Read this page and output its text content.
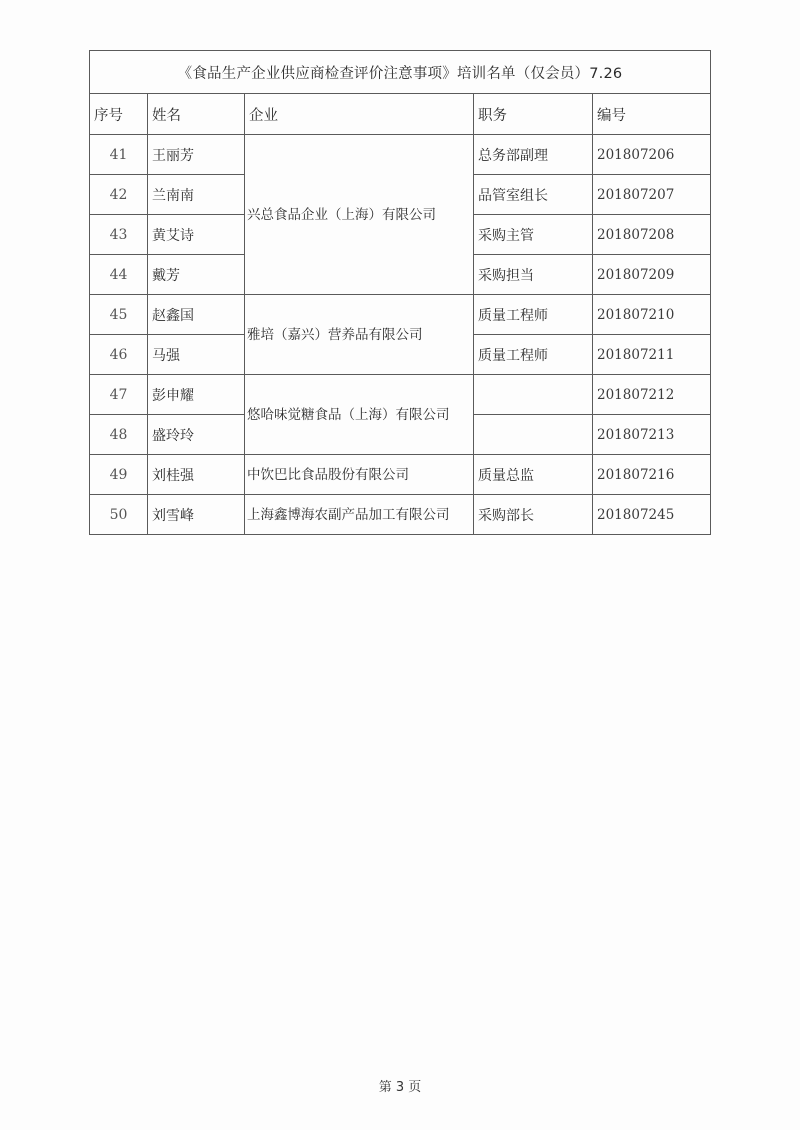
《食品生产企业供应商检查评价注意事项》培训名单（仅会员）7.26				
序号	姓名	企业	职务	编号
41	王丽芳	兴总食品企业（上海）有限公司	总务部副理	201807206
42	兰南南		品管室组长	201807207
43	黄艾诗		采购主管	201807208
44	戴芳		采购担当	201807209
45	赵鑫国	雅培（嘉兴）营养品有限公司	质量工程师	201807210
46	马强		质量工程师	201807211
47	彭申耀	悠哈味觉糖食品（上海）有限公司		201807212
48	盛玲玲			201807213
49	刘桂强	中饮巴比食品股份有限公司	质量总监	201807216
50	刘雪峰	上海鑫博海农副产品加工有限公司	采购部长	201807245
第 3 页
